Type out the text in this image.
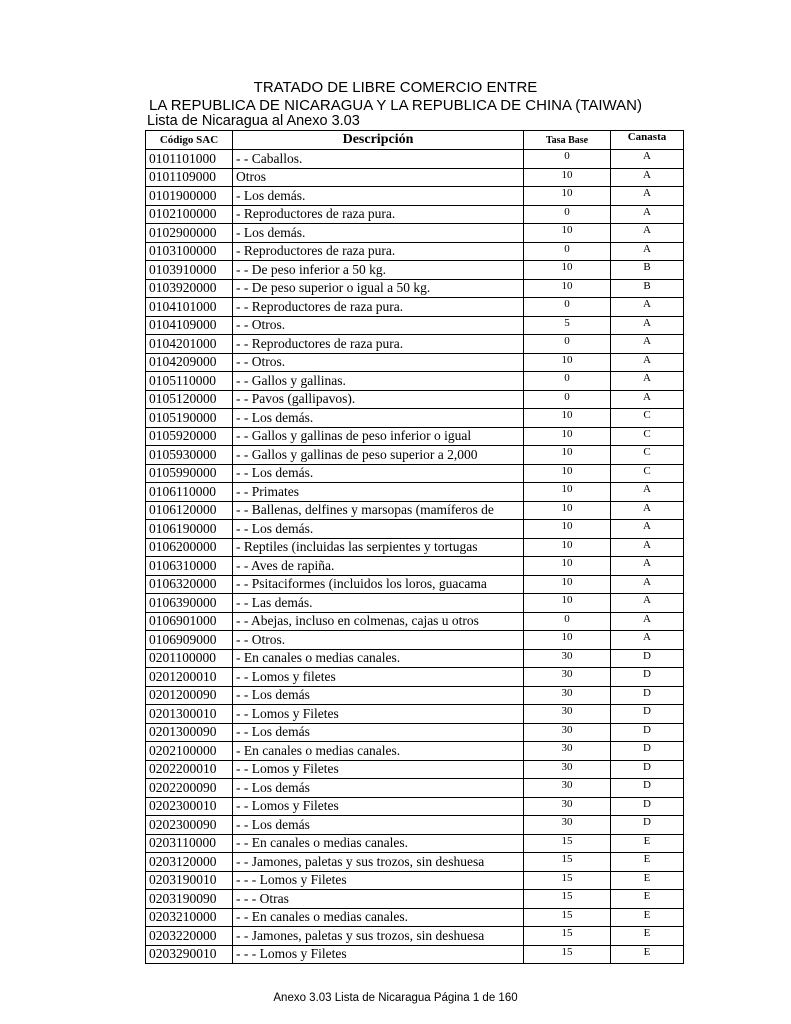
TRATADO DE LIBRE COMERCIO ENTRE
LA REPUBLICA DE NICARAGUA Y LA REPUBLICA DE CHINA (TAIWAN)
Lista de Nicaragua al Anexo 3.03
Código SAC	Descripción	Tasa Base	Canasta
0101101000	- - Caballos.	0	A
0101109000	Otros	10	A
0101900000	- Los demás.	10	A
0102100000	- Reproductores de raza pura.	0	A
0102900000	- Los demás.	10	A
0103100000	- Reproductores de raza pura.	0	A
0103910000	- - De peso inferior a 50 kg.	10	B
0103920000	- - De peso superior o igual a 50 kg.	10	B
0104101000	- - Reproductores de raza pura.	0	A
0104109000	- - Otros.	5	A
0104201000	- - Reproductores de raza pura.	0	A
0104209000	- - Otros.	10	A
0105110000	- - Gallos y gallinas.	0	A
0105120000	- - Pavos (gallipavos).	0	A
0105190000	- - Los demás.	10	C
0105920000	- - Gallos y gallinas de peso inferior o igual	10	C
0105930000	- - Gallos y gallinas de peso superior a 2,000	10	C
0105990000	- - Los demás.	10	C
0106110000	- - Primates	10	A
0106120000	- - Ballenas, delfines y marsopas (mamíferos de	10	A
0106190000	- - Los demás.	10	A
0106200000	- Reptiles (incluidas las serpientes y tortugas	10	A
0106310000	- - Aves de rapiña.	10	A
0106320000	- - Psitaciformes (incluidos los loros, guacama	10	A
0106390000	- - Las demás.	10	A
0106901000	- - Abejas, incluso en colmenas, cajas u otros	0	A
0106909000	- - Otros.	10	A
0201100000	- En canales o medias canales.	30	D
0201200010	- - Lomos y filetes	30	D
0201200090	- - Los demás	30	D
0201300010	- - Lomos y Filetes	30	D
0201300090	- - Los demás	30	D
0202100000	- En canales o medias canales.	30	D
0202200010	- - Lomos y Filetes	30	D
0202200090	- - Los demás	30	D
0202300010	- - Lomos y Filetes	30	D
0202300090	- - Los demás	30	D
0203110000	- - En canales o medias canales.	15	E
0203120000	- - Jamones, paletas y sus trozos, sin deshuesa	15	E
0203190010	- - - Lomos y Filetes	15	E
0203190090	- - - Otras	15	E
0203210000	- - En canales o medias canales.	15	E
0203220000	- - Jamones, paletas y sus trozos, sin deshuesa	15	E
0203290010	- - - Lomos y Filetes	15	E
Anexo 3.03 Lista de Nicaragua Página 1 de 160
